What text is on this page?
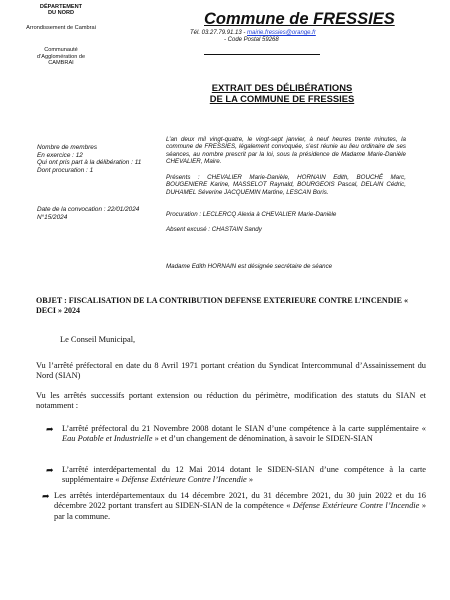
DÉPARTEMENT
DU NORD
Arrondissement de Cambrai
Communauté
d’Agglomération de
CAMBRAI
Commune de FRESSIES
Tél. 03.27.79.91.13 - mairie.fressies@orange.fr
- Code Postal 59268
EXTRAIT DES DÉLIBÉRATIONS
DE LA COMMUNE DE FRESSIES
Nombre de membres
En exercice : 12
Qui ont pris part à la délibération : 11
Dont procuration : 1
Date de la convocation : 22/01/2024
N°15/2024
L’an deux mil vingt-quatre, le vingt-sept janvier, à neuf heures trente minutes, la commune de FRESSIES, légalement convoquée, s’est réunie au lieu ordinaire de ses séances, au nombre prescrit par la loi, sous la présidence de Madame Marie-Danièle CHEVALIER, Maire.
Présents : CHEVALIER Marie-Danièle, HORNAIN Edith, BOUCHÉ Marc, BOUGENIERE Karine, MASSELOT Raynald, BOURGEOIS Pascal, DELAIN Cédric, DUHAMEL Séverine JACQUEMIN Martine, LESCAN Boris.
Procuration : LECLERCQ Alexia à CHEVALIER Marie-Danièle
Absent excusé : CHASTAIN Sandy
Madame Edith HORNAIN est désignée secrétaire de séance
OBJET : FISCALISATION DE LA CONTRIBUTION DEFENSE EXTERIEURE CONTRE L’INCENDIE « DECI » 2024
Le Conseil Municipal,
Vu l’arrêté préfectoral en date du 8 Avril 1971 portant création du Syndicat Intercommunal d’Assainissement du Nord (SIAN)
Vu les arrêtés successifs portant extension ou réduction du périmètre, modification des statuts du SIAN et notamment :
➦ L’arrêté préfectoral du 21 Novembre 2008 dotant le SIAN d’une compétence à la carte supplémentaire « Eau Potable et Industrielle » et d’un changement de dénomination, à savoir le SIDEN-SIAN
➦ L’arrêté interdépartemental du 12 Mai 2014 dotant le SIDEN-SIAN d’une compétence à la carte supplémentaire « Défense Extérieure Contre l’Incendie »
➦ Les arrêtés interdépartementaux du 14 décembre 2021, du 31 décembre 2021, du 30 juin 2022 et du 16 décembre 2022 portant transfert au SIDEN-SIAN de la compétence « Défense Extérieure Contre l’Incendie » par la commune.
